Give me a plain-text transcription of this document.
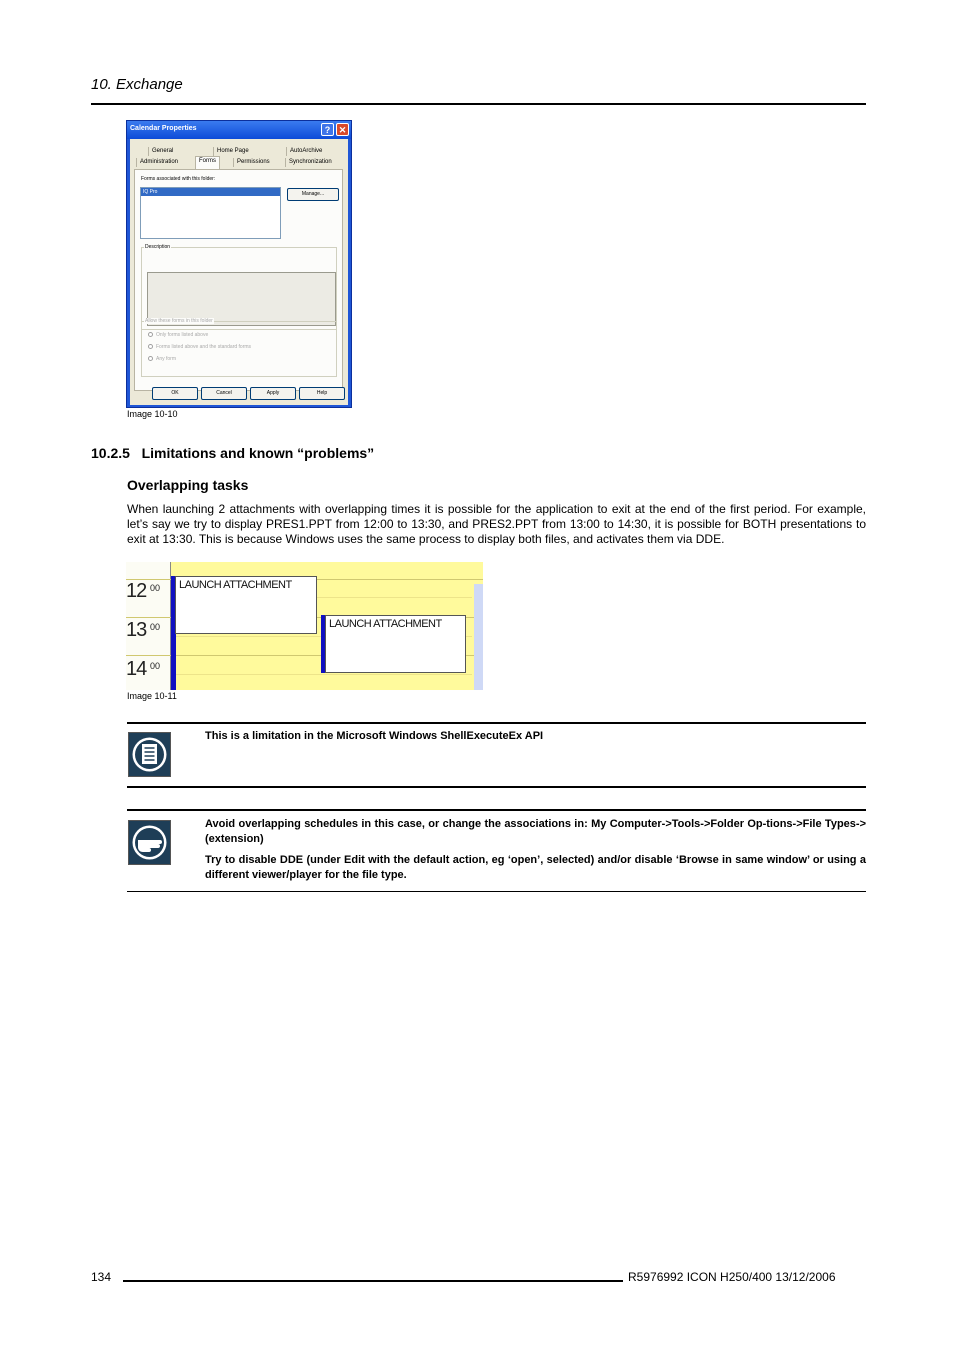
10. Exchange
Calendar Properties	? ✕
General	Home Page	AutoArchive
Administration	Forms	Permissions	Synchronization
Forms associated with this folder:
IQ Pro	Manage...
Description
Allow these forms in this folder
Only forms listed above
Forms listed above and the standard forms
Any form
OK	Cancel	Apply	Help
Image 10-10
10.2.5 Limitations and known “problems”
Overlapping tasks
When launching 2 attachments with overlapping times it is possible for the application to exit at the end of the first period. For example, let’s say we try to display PRES1.PPT from 12:00 to 13:30, and PRES2.PPT from 13:00 to 14:30, it is possible for BOTH presentations to exit at 13:30. This is because Windows uses the same process to display both files, and activates them via DDE.
12 00
13 00
14 00
LAUNCH ATTACHMENT
LAUNCH ATTACHMENT
Image 10-11
This is a limitation in the Microsoft Windows ShellExecuteEx API

Avoid overlapping schedules in this case, or change the associations in: My Computer->Tools->Folder Op-tions->File Types->(extension)

Try to disable DDE (under Edit with the default action, eg ‘open’, selected) and/or disable ‘Browse in same window’ or using a different viewer/player for the file type.

134	R5976992 ICON H250/400 13/12/2006
